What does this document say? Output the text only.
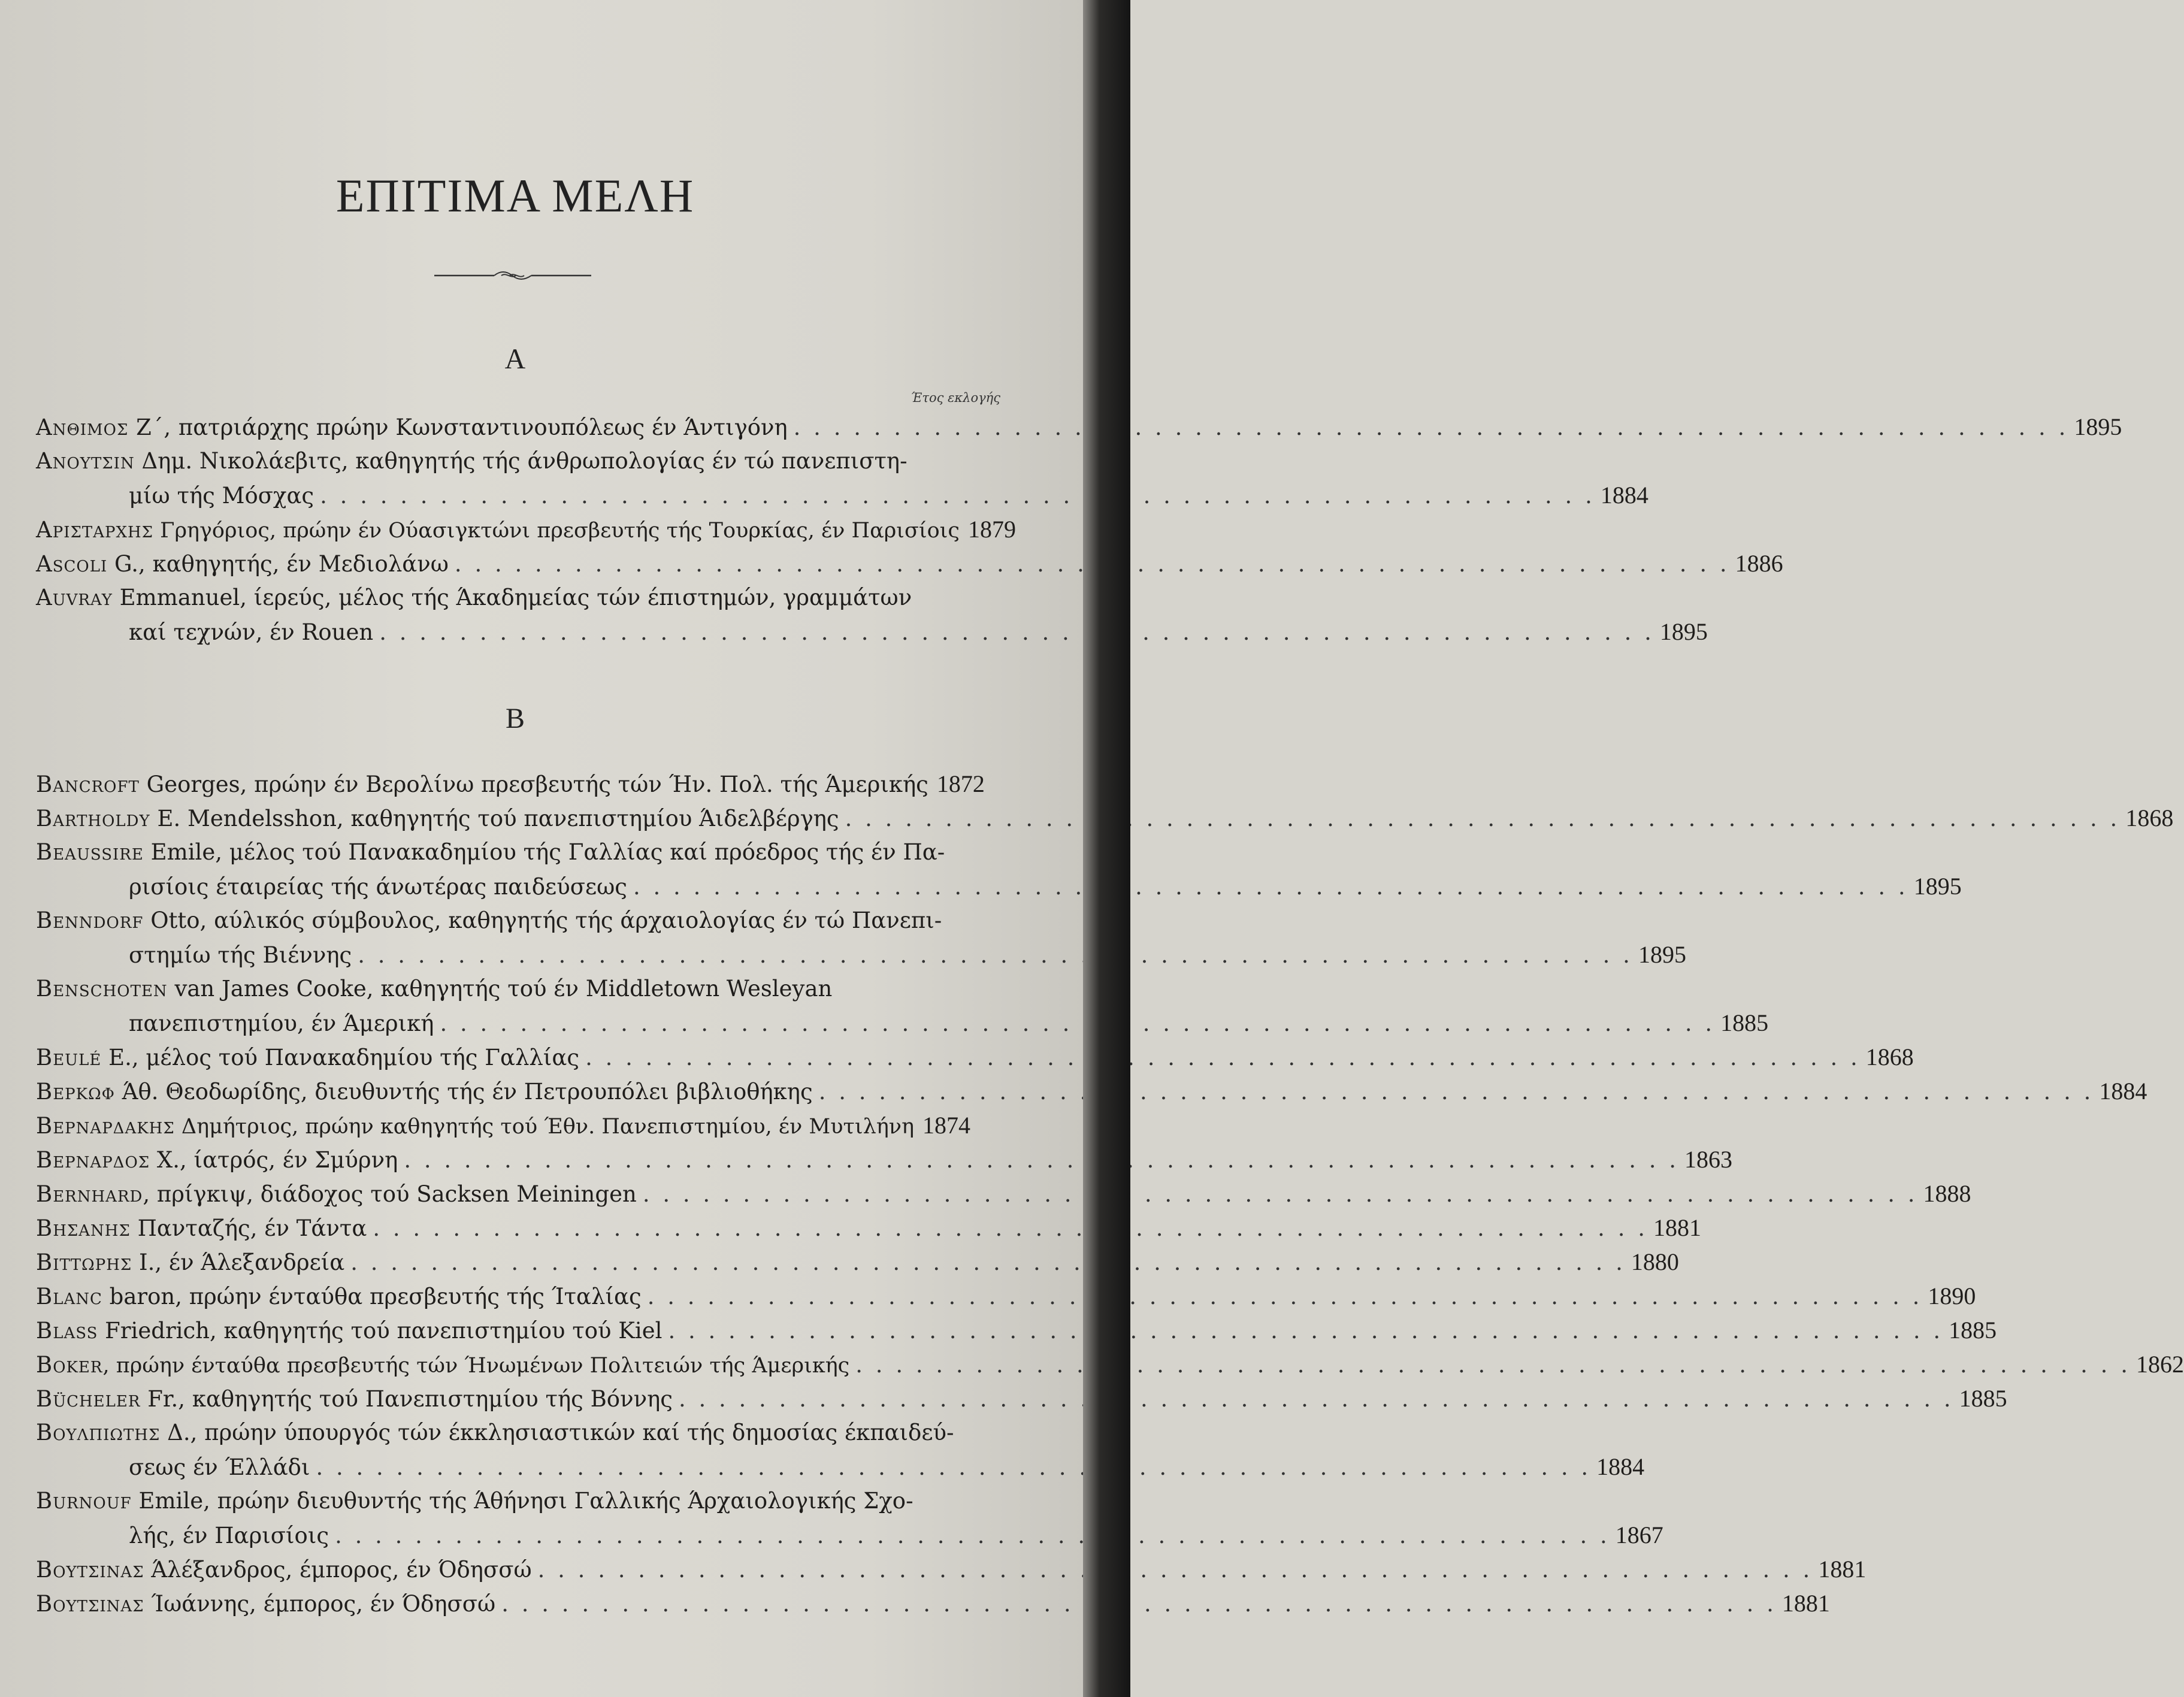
ΕΠΙΤΙΜΑ ΜΕΛΗ
Α
Έτος εκλογής
Ανθιμος Ζ΄, πατριάρχης πρώην Κωνσταντινουπόλεως έν Άντιγόνη . . .	1895
Ανουτσιν Δημ. Νικολάεβιτς, καθηγητής τής άνθρωπολογίας έν τώ πανεπιστη-
μίω τής Μόσχας . . .	1884
Αρισταρχης Γρηγόριος, πρώην έν Ούασιγκτώνι πρεσβευτής τής Τουρκίας, έν Παρισίοις 1879
Ascoli G., καθηγητής, έν Μεδιολάνω . . .	1886
Auvray Emmanuel, ίερεύς, μέλος τής Άκαδημείας τών έπιστημών, γραμμάτων
καί τεχνών, έν Rouen . . .	1895
Β
Bancroft Georges, πρώην έν Βερολίνω πρεσβευτής τών Ήν. Πολ. τής Άμερικής 1872
Bartholdy E. Mendelsshon, καθηγητής τού πανεπιστημίου Άιδελβέργης . . .	1868
Beaussire Emile, μέλος τού Πανακαδημίου τής Γαλλίας καί πρόεδρος τής έν Πα-
ρισίοις έταιρείας τής άνωτέρας παιδεύσεως . . .	1895
Benndorf Otto, αύλικός σύμβουλος, καθηγητής τής άρχαιολογίας έν τώ Πανεπι-
στημίω τής Βιέννης . . .	1895
Benschoten van James Cooke, καθηγητής τού έν Middletown Wesleyan
πανεπιστημίου, έν Άμερική . . .	1885
Beulé E., μέλος τού Πανακαδημίου τής Γαλλίας . . .	1868
Βερκωφ Άθ. Θεοδωρίδης, διευθυντής τής έν Πετρουπόλει βιβλιοθήκης . . .	1884
Βερναρδακης Δημήτριος, πρώην καθηγητής τού Έθν. Πανεπιστημίου, έν Μυτιλήνη 1874
Βερναρδος Χ., ίατρός, έν Σμύρνη . . .	1863
Bernhard, πρίγκιψ, διάδοχος τού Sacksen Meiningen . . .	1888
Βησανης Πανταζής, έν Τάντα . . .	1881
Βιττωρης Ι., έν Άλεξανδρεία . . .	1880
Blanc baron, πρώην ένταύθα πρεσβευτής τής Ίταλίας . . .	1890
Blass Friedrich, καθηγητής τού πανεπιστημίου τού Kiel . . .	1885
Boker, πρώην ένταύθα πρεσβευτής τών Ήνωμένων Πολιτειών τής Άμερικής . . .	1862
Bücheler Fr., καθηγητής τού Πανεπιστημίου τής Βόννης . . .	1885
Βουλπιωτης Δ., πρώην ύπουργός τών έκκλησιαστικών καί τής δημοσίας έκπαιδεύ-
σεως έν Έλλάδι . . .	1884
Burnouf Emile, πρώην διευθυντής τής Άθήνησι Γαλλικής Άρχαιολογικής Σχο-
λής, έν Παρισίοις . . .	1867
Βουτσινας Άλέξανδρος, έμπορος, έν Όδησσώ . . .	1881
Βουτσινας Ίωάννης, έμπορος, έν Όδησσώ . . .	1881
